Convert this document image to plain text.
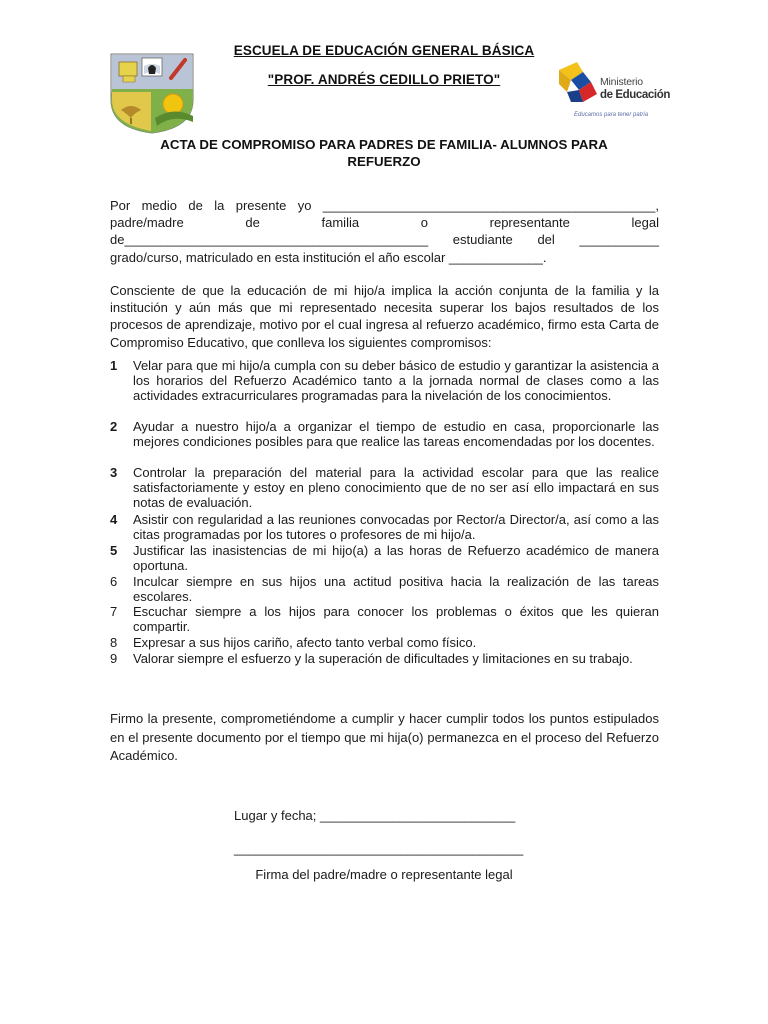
ESCUELA DE EDUCACIÓN GENERAL BÁSICA
"PROF. ANDRÉS CEDILLO PRIETO"	Ministerio
de Educación
Educamos para tener patria
ACTA DE COMPROMISO PARA PADRES DE FAMILIA- ALUMNOS PARA
REFUERZO
Por medio de la presente yo ______________________________________________,
padre/madre de familia o representante legal
de__________________________________________ estudiante del ___________
grado/curso, matriculado en esta institución el año escolar _____________.
Consciente de que la educación de mi hijo/a implica la acción conjunta de la familia y la institución y aún más que mi representado necesita superar los bajos resultados de los procesos de aprendizaje, motivo por el cual ingresa al refuerzo académico, firmo esta Carta de Compromiso Educativo, que conlleva los siguientes compromisos:
1	Velar para que mi hijo/a cumpla con su deber básico de estudio y garantizar la asistencia a los horarios del Refuerzo Académico tanto a la jornada normal de clases como a las actividades extracurriculares programadas para la nivelación de los conocimientos.
2	Ayudar a nuestro hijo/a a organizar el tiempo de estudio en casa, proporcionarle las mejores condiciones posibles para que realice las tareas encomendadas por los docentes.
3	Controlar la preparación del material para la actividad escolar para que las realice satisfactoriamente y estoy en pleno conocimiento que de no ser así ello impactará en sus notas de evaluación.
4	Asistir con regularidad a las reuniones convocadas por Rector/a Director/a, así como a las citas programadas por los tutores o profesores de mi hijo/a.
5	Justificar las inasistencias de mi hijo(a) a las horas de Refuerzo académico de manera oportuna.
6	Inculcar siempre en sus hijos una actitud positiva hacia la realización de las tareas escolares.
7	Escuchar siempre a los hijos para conocer los problemas o éxitos que les quieran compartir.
8	Expresar a sus hijos cariño, afecto tanto verbal como físico.
9	Valorar siempre el esfuerzo y la superación de dificultades y limitaciones en su trabajo.
Firmo la presente, comprometiéndome a cumplir y hacer cumplir todos los puntos estipulados en el presente documento por el tiempo que mi hija(o) permanezca en el proceso del Refuerzo Académico.
Lugar y fecha; ___________________________
________________________________________
Firma del padre/madre o representante legal
